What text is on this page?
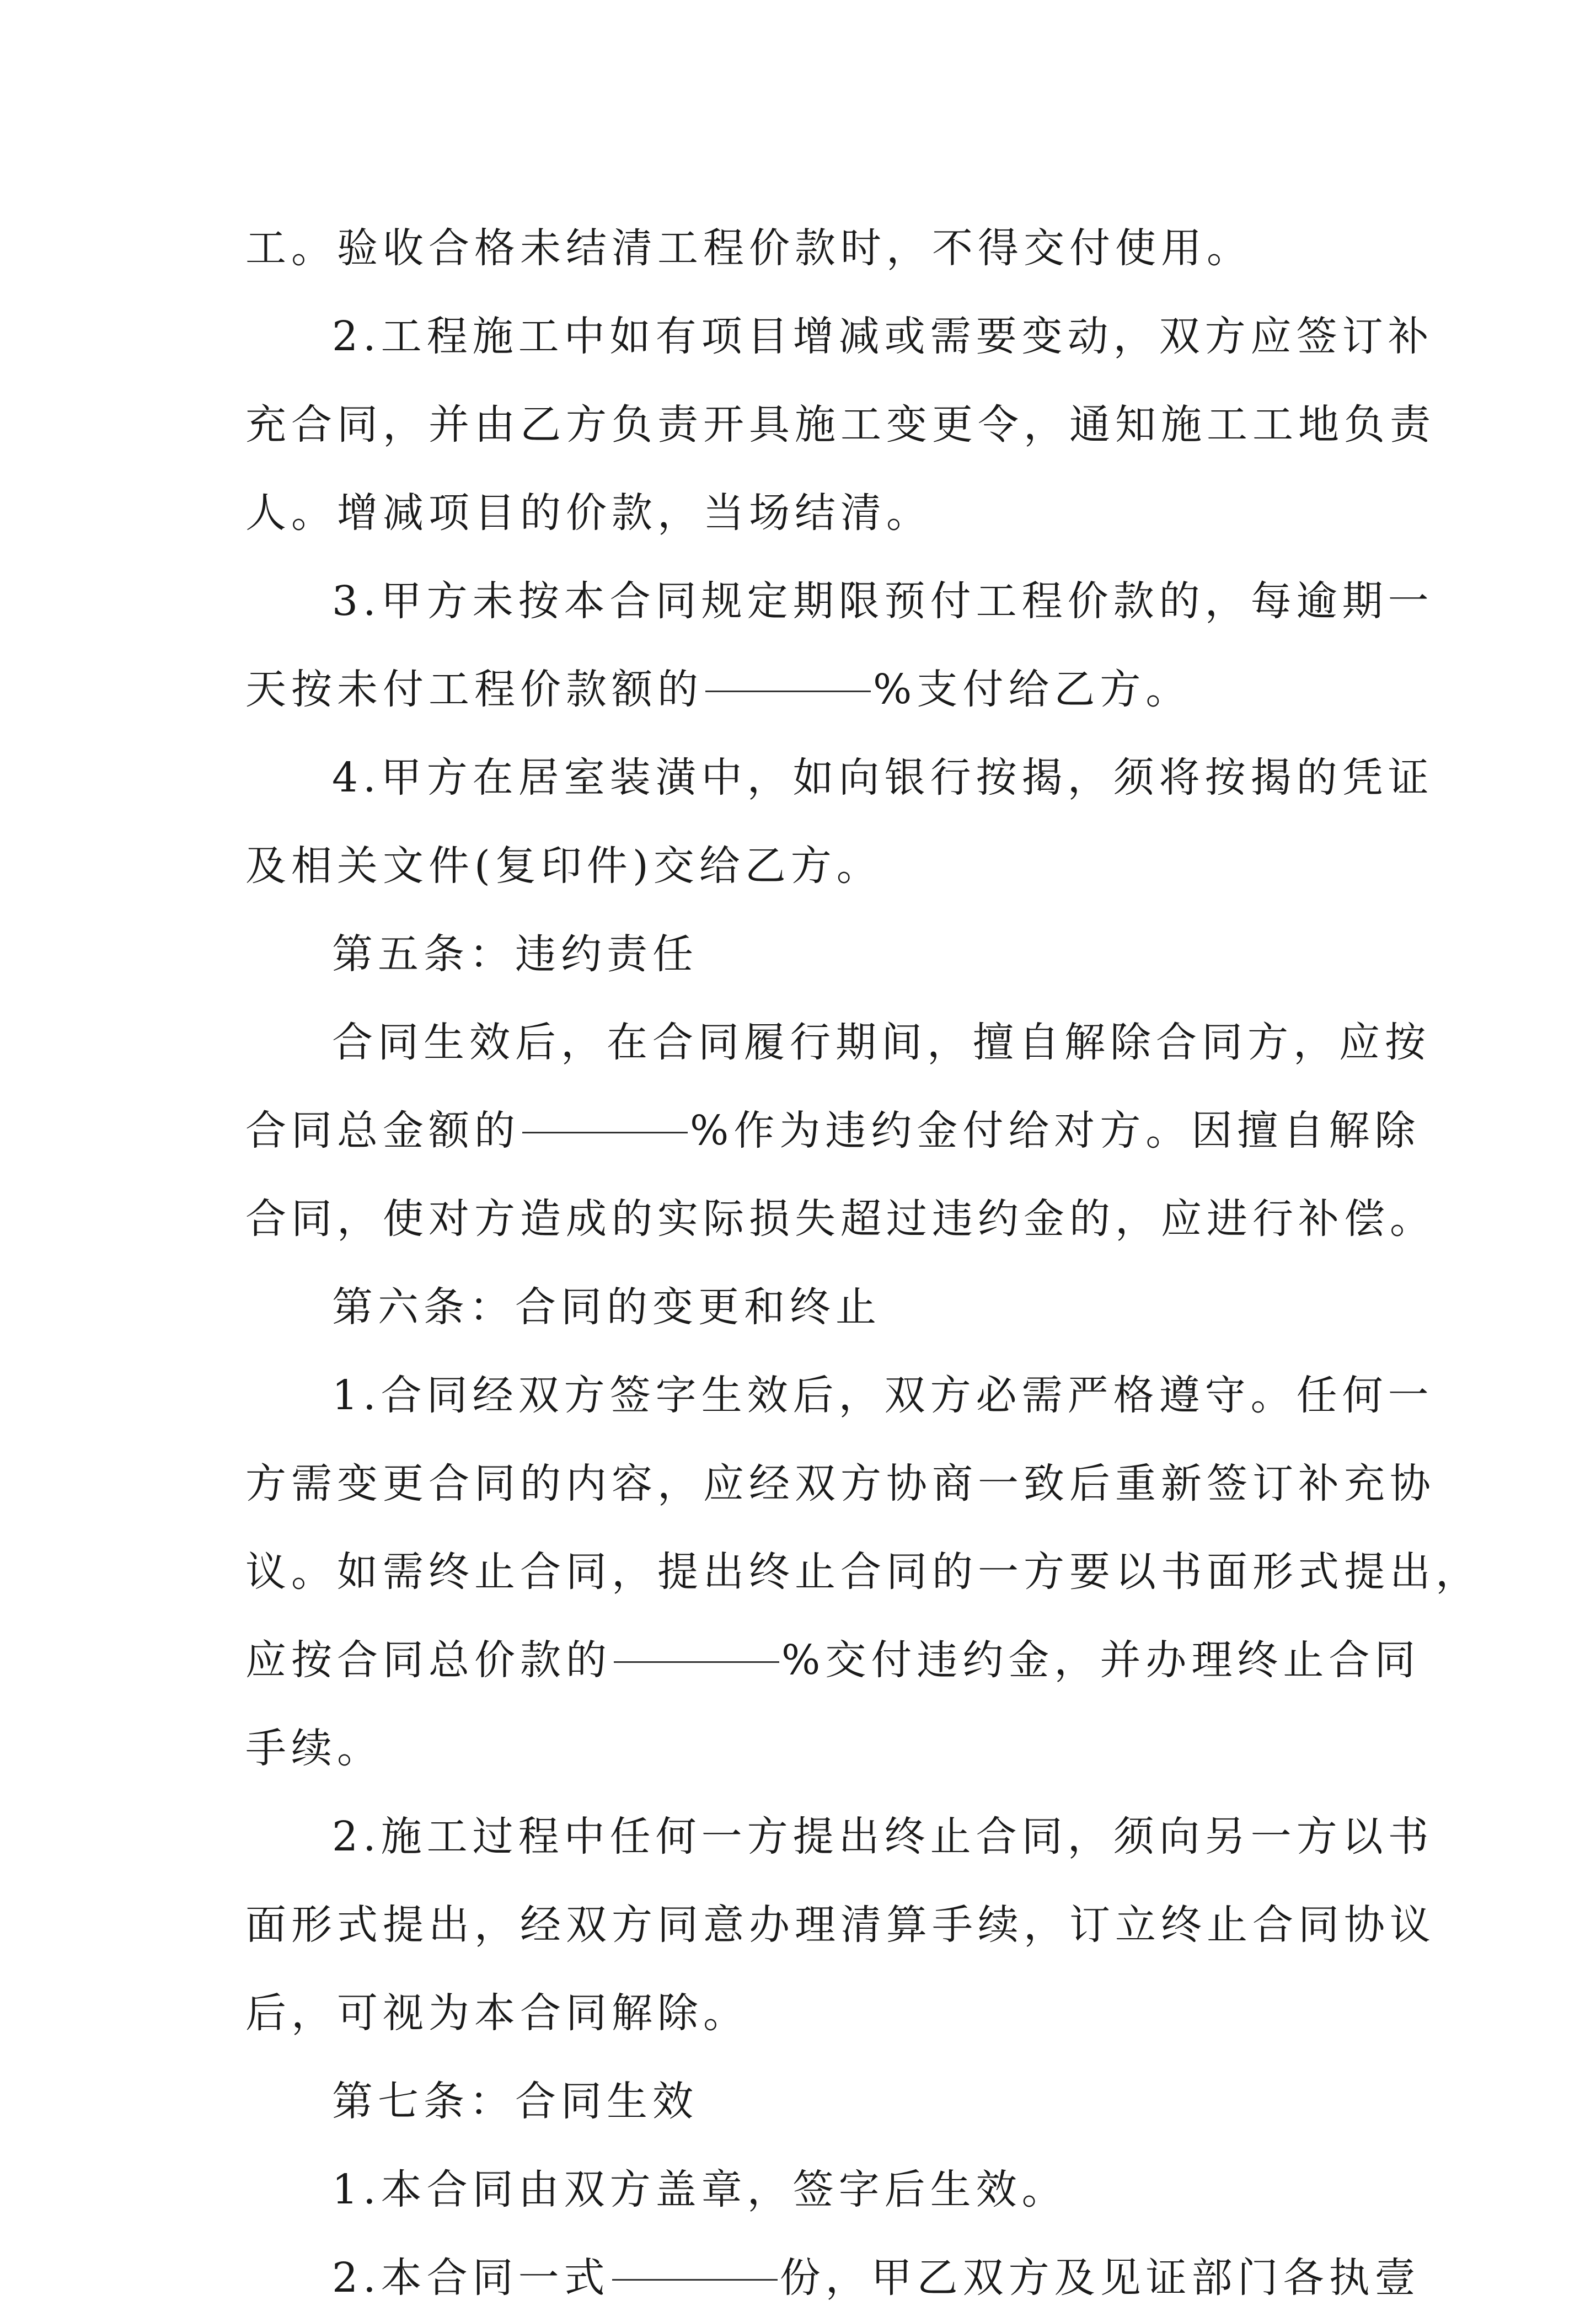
工。验收合格未结清工程价款时，不得交付使用。
2.工程施工中如有项目增减或需要变动，双方应签订补
充合同，并由乙方负责开具施工变更令，通知施工工地负责
人。增减项目的价款，当场结清。
3.甲方未按本合同规定期限预付工程价款的，每逾期一
天按未付工程价款额的	%支付给乙方。
4.甲方在居室装潢中，如向银行按揭，须将按揭的凭证
及相关文件(复印件)交给乙方。
第五条：违约责任
合同生效后，在合同履行期间，擅自解除合同方，应按
合同总金额的	%作为违约金付给对方。因擅自解除
合同，使对方造成的实际损失超过违约金的，应进行补偿。
第六条：合同的变更和终止
1.合同经双方签字生效后，双方必需严格遵守。任何一
方需变更合同的内容，应经双方协商一致后重新签订补充协
议。如需终止合同，提出终止合同的一方要以书面形式提出，
应按合同总价款的	%交付违约金，并办理终止合同
手续。
2.施工过程中任何一方提出终止合同，须向另一方以书
面形式提出，经双方同意办理清算手续，订立终止合同协议
后，可视为本合同解除。
第七条：合同生效
1.本合同由双方盖章，签字后生效。
2.本合同一式	份，甲乙双方及见证部门各执壹
